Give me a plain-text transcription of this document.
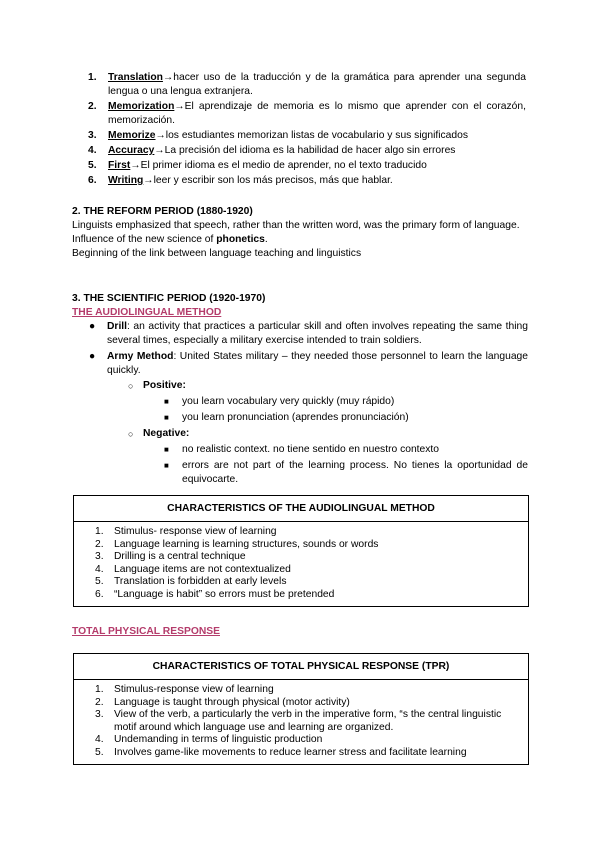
1. Translation→hacer uso de la traducción y de la gramática para aprender una segunda lengua o una lengua extranjera.
2. Memorization→El aprendizaje de memoria es lo mismo que aprender con el corazón, memorización.
3. Memorize→los estudiantes memorizan listas de vocabulario y sus significados
4. Accuracy→La precisión del idioma es la habilidad de hacer algo sin errores
5. First→El primer idioma es el medio de aprender, no el texto traducido
6. Writing→leer y escribir son los más precisos, más que hablar.

2. THE REFORM PERIOD (1880-1920)

Linguists emphasized that speech, rather than the written word, was the primary form of language.

Influence of the new science of phonetics.

Beginning of the link between language teaching and linguistics

3. THE SCIENTIFIC PERIOD (1920-1970)

THE AUDIOLINGUAL METHOD

● Drill: an activity that practices a particular skill and often involves repeating the same thing several times, especially a military exercise intended to train soldiers.
● Army Method: United States military – they needed those personnel to learn the language quickly.
○ Positive:
■ you learn vocabulary very quickly (muy rápido)
■ you learn pronunciation (aprendes pronunciación)
○ Negative:
■ no realistic context. no tiene sentido en nuestro contexto
■ errors are not part of the learning process. No tienes la oportunidad de equivocarte.
CHARACTERISTICS OF THE AUDIOLINGUAL METHOD
1. Stimulus- response view of learning
2. Language learning is learning structures, sounds or words
3. Drilling is a central technique
4. Language items are not contextualized
5. Translation is forbidden at early levels
6. “Language is habit” so errors must be pretended

TOTAL PHYSICAL RESPONSE

CHARACTERISTICS OF TOTAL PHYSICAL RESPONSE (TPR)
1. Stimulus-response view of learning
2. Language is taught through physical (motor activity)
3. View of the verb, a particularly the verb in the imperative form, “s the central linguistic motif around which language use and learning are organized.
4. Undemanding in terms of linguistic production
5. Involves game-like movements to reduce learner stress and facilitate learning
